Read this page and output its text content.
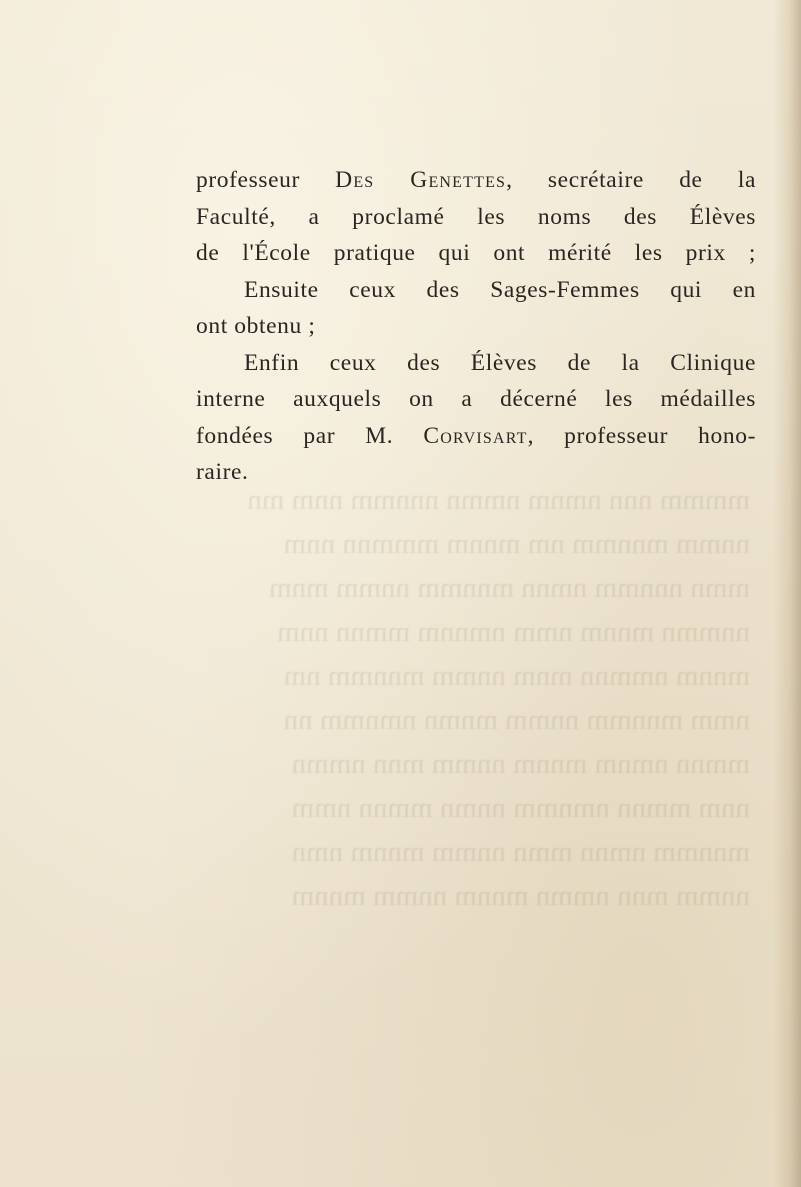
mmmm nnn nmnm nmmn nnnmm nnm mn
nnmm mnnmm nm mnnm mmmnn nnm
mmn nnnmm nmnn mnnmm nnmm mnm
nnmmn mnnm nmm nmnnm mmnn nnm
mnnm nmmnn mnm nnmm mnnmm nm
nmm mnnmm nnmm mnmn nmnmm nn
mmnn nmnm mnnm nnmm mnn nmmn
nnm mmnn nmnmm nnmn mmnn nmm
mnnmm nmnn mmn nnmm mnnm nmn
nnmm mnn nmmn mnnm nnmm mnnm
professeur Des Genettes, secrétaire de la
Faculté, a proclamé les noms des Élèves
de l'École pratique qui ont mérité les prix ;
Ensuite ceux des Sages-Femmes qui en
ont obtenu ;
Enfin ceux des Élèves de la Clinique
interne auxquels on a décerné les médailles
fondées par M. Corvisart, professeur hono-
raire.
